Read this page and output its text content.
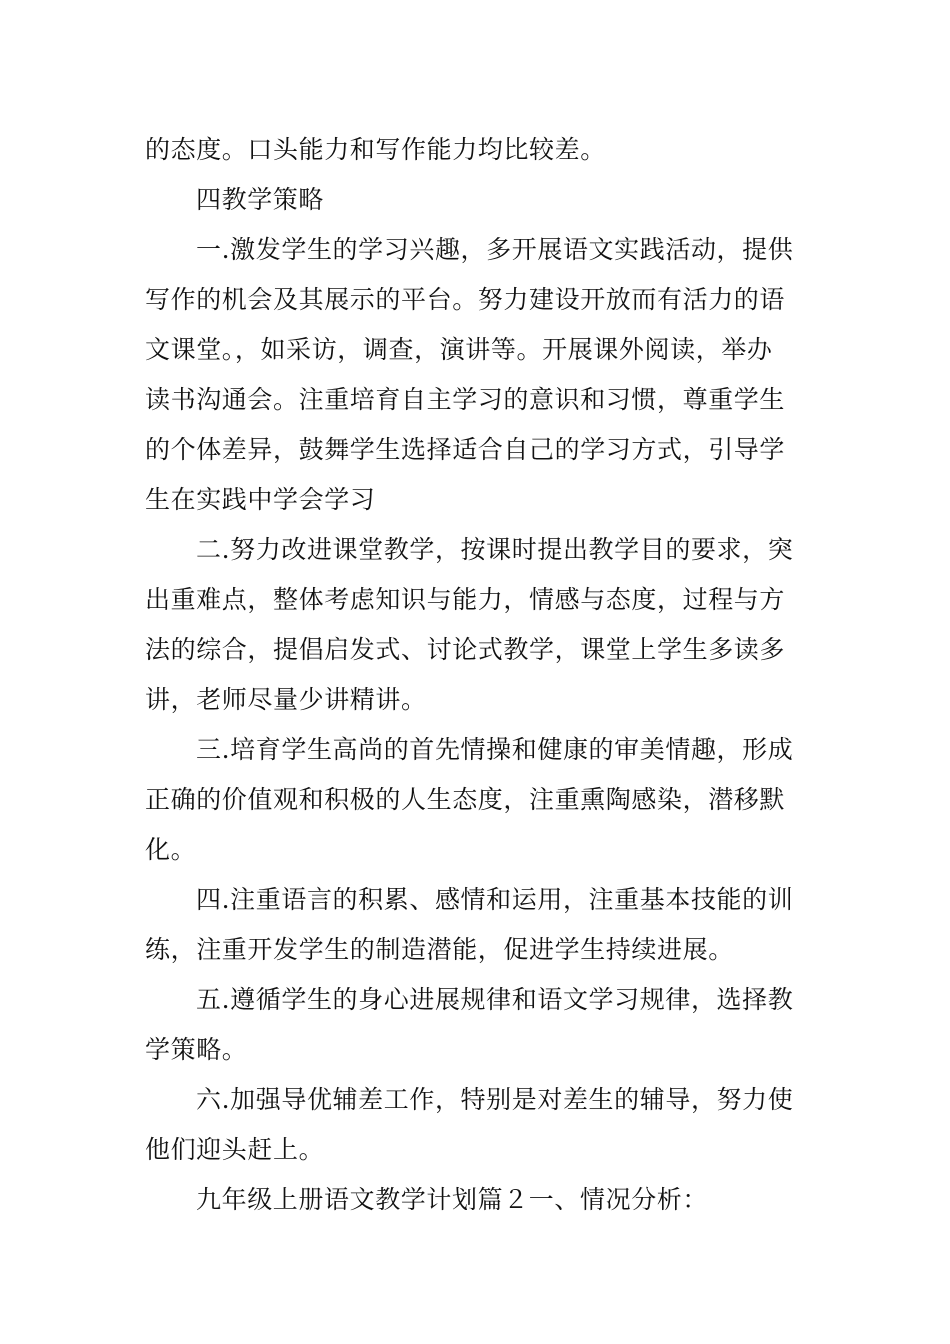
的态度。口头能力和写作能力均比较差。
四教学策略
一.激发学生的学习兴趣，多开展语文实践活动，提供
写作的机会及其展示的平台。努力建设开放而有活力的语
文课堂。，如采访，调查，演讲等。开展课外阅读，举办
读书沟通会。注重培育自主学习的意识和习惯，尊重学生
的个体差异，鼓舞学生选择适合自己的学习方式，引导学
生在实践中学会学习
二.努力改进课堂教学，按课时提出教学目的要求，突
出重难点，整体考虑知识与能力，情感与态度，过程与方
法的综合，提倡启发式、讨论式教学，课堂上学生多读多
讲，老师尽量少讲精讲。
三.培育学生高尚的首先情操和健康的审美情趣，形成
正确的价值观和积极的人生态度，注重熏陶感染，潜移默
化。
四.注重语言的积累、感情和运用，注重基本技能的训
练，注重开发学生的制造潜能，促进学生持续进展。
五.遵循学生的身心进展规律和语文学习规律，选择教
学策略。
六.加强导优辅差工作，特别是对差生的辅导，努力使
他们迎头赶上。
九年级上册语文教学计划篇２一、情况分析：
